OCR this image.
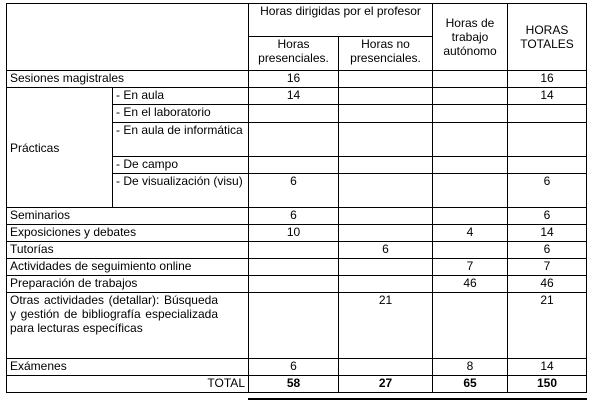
		Horas dirigidas por el profesor		Horas de trabajo autónomo	HORAS TOTALES
		Horas presenciales.	Horas no presenciales.		
Sesiones magistrales		16			16
Prácticas	- En aula	14			14
	- En el laboratorio				
	- En aula de informática				
	- De campo				
	- De visualización (visu)	6			6
Seminarios		6			6
Exposiciones y debates		10		4	14
Tutorías			6		6
Actividades de seguimiento online				7	7
Preparación de trabajos				46	46
Otras actividades (detallar): Búsqueda y gestión de bibliografía especializada para lecturas específicas			21		21
Exámenes		6		8	14
TOTAL		58	27	65	150
